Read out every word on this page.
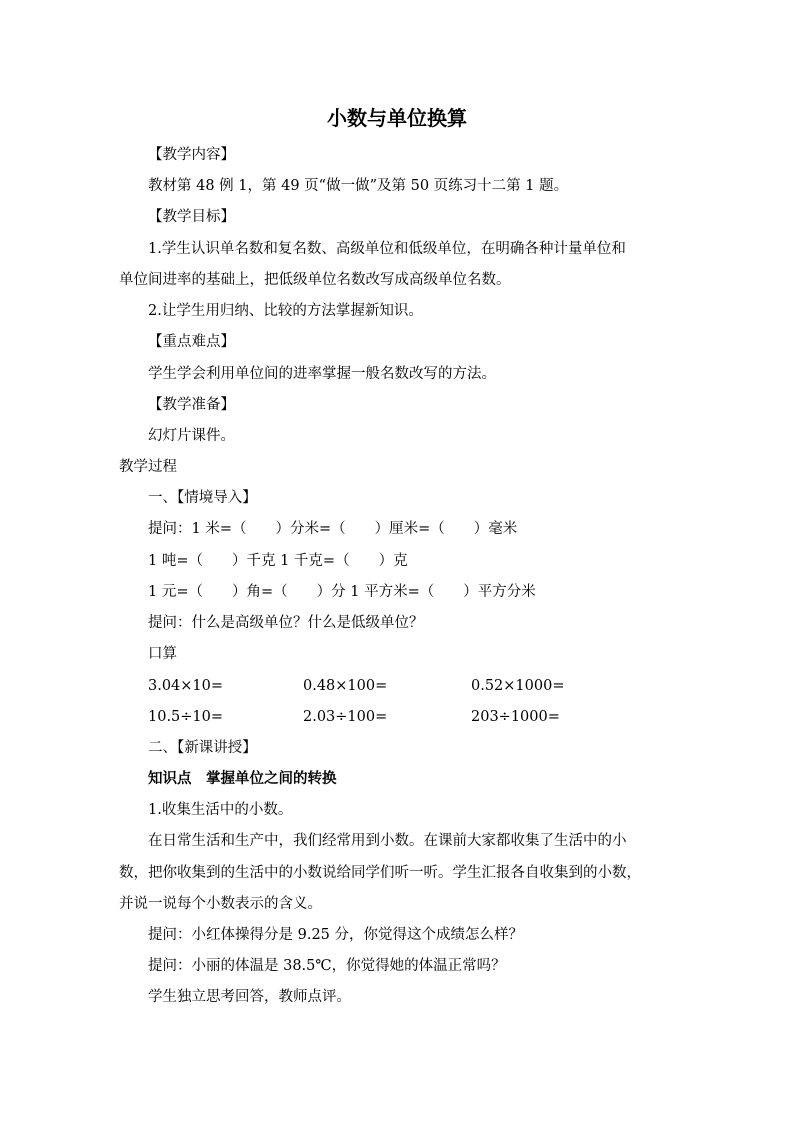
小数与单位换算
【教学内容】
教材第 48 例 1，第 49 页“做一做”及第 50 页练习十二第 1 题。
【教学目标】
1.学生认识单名数和复名数、高级单位和低级单位，在明确各种计量单位和
单位间进率的基础上，把低级单位名数改写成高级单位名数。
2.让学生用归纳、比较的方法掌握新知识。
【重点难点】
学生学会利用单位间的进率掌握一般名数改写的方法。
【教学准备】
幻灯片课件。
教学过程
一、【情境导入】
提问：1 米=（　　）分米=（　　）厘米=（　　）毫米
1 吨=（　　）千克 1 千克=（　　）克
1 元=（　　）角=（　　）分 1 平方米=（　　）平方分米
提问：什么是高级单位？什么是低级单位？
口算
3.04×10=	0.48×100=	0.52×1000=
10.5÷10=	2.03÷100=	203÷1000=
二、【新课讲授】
知识点　掌握单位之间的转换
1.收集生活中的小数。
在日常生活和生产中，我们经常用到小数。在课前大家都收集了生活中的小
数，把你收集到的生活中的小数说给同学们听一听。学生汇报各自收集到的小数，
并说一说每个小数表示的含义。
提问：小红体操得分是 9.25 分，你觉得这个成绩怎么样？
提问：小丽的体温是 38.5℃，你觉得她的体温正常吗？
学生独立思考回答，教师点评。
